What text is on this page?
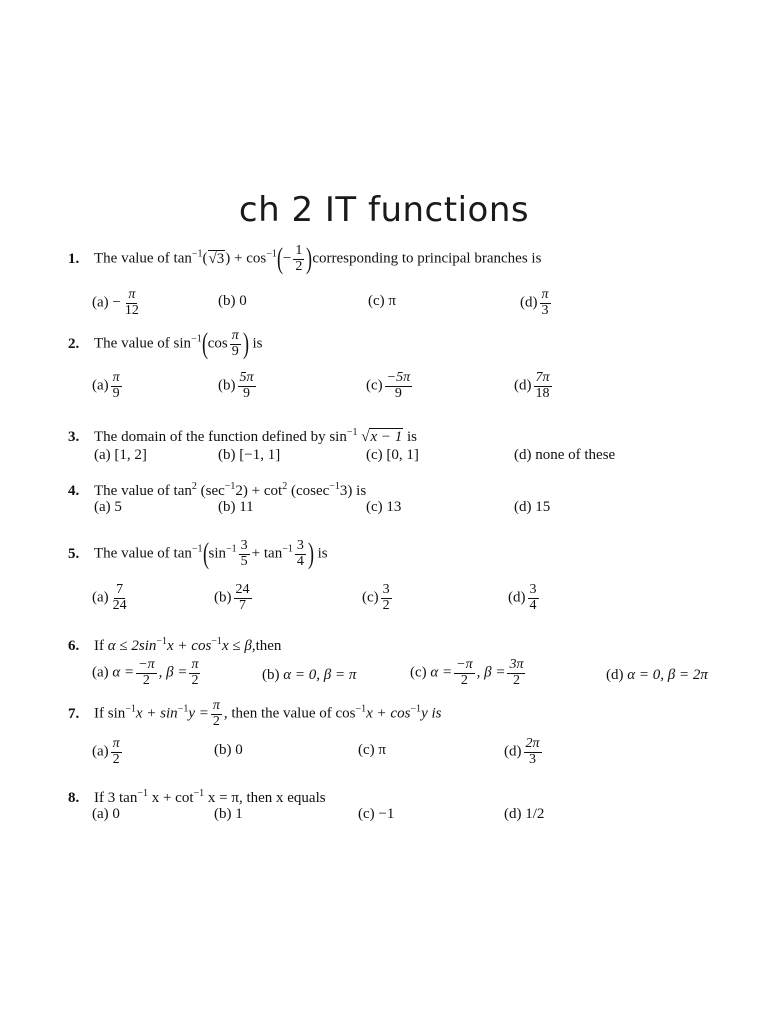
ch 2 IT functions
1. The value of $\tan^{-1}(√3) + \cos^{-1}(- \frac{1}{2}$ )corresponding to principal branches is
$(a) - \frac{\pi}{12}$	(b) 0	(c) π	$(d) \frac{\pi}{3}$
2. The value of $\sin^{-1}(\cos \frac{\pi}{9}$ ) is
$(a) \frac{\pi}{9}$	$(b) \frac{5\pi}{9}$	$(c) \frac{-5\pi}{9}$	$(d) \frac{7\pi}{18}$
3. The domain of the function defined by $\sin^{-1} √x - 1$ is
(a) [1, 2]	(b) [−1, 1]	(c) [0, 1]	(d) none of these
4. The value of $\tan^2 (\sec^{-1}2) + \cot^2 (cosec^{-1}3)$ is
(a) 5	(b) 11	(c) 13	(d) 15
5. The value of $\tan^{-1}(\sin^{-1} \frac{3}{5} + \tan^{-1} \frac{3}{4}$ ) is
$(a) \frac{7}{24}$	$(b) \frac{24}{7}$	$(c) \frac{3}{2}$	$(d) \frac{3}{4}$
6. If $\alpha \le 2\sin^{-1}x + \cos^{-1}x$ ≤ β,then
(a) $\alpha = \frac{-\pi}{2}$ , $\beta = \frac{\pi}{2}$	(b) α = 0, β = π	(c) $\alpha = \frac{-\pi}{2}$ , $\beta = \frac{3\pi}{2}$	(d) α = 0, β = 2π
7. If $\sin^{-1}x + \sin^{-1}y = \frac{\pi}{2}$ , then the value of $\cos^{-1}x + \cos^{-1}y$ is
$(a) \frac{\pi}{2}$	(b) 0	(c) π	$(d) \frac{2\pi}{3}$
8. If 3 $\tan^{-1} x + \cot^{-1} x = \pi$, then x equals
(a) 0	(b) 1	(c) −1	(d) 1/2
